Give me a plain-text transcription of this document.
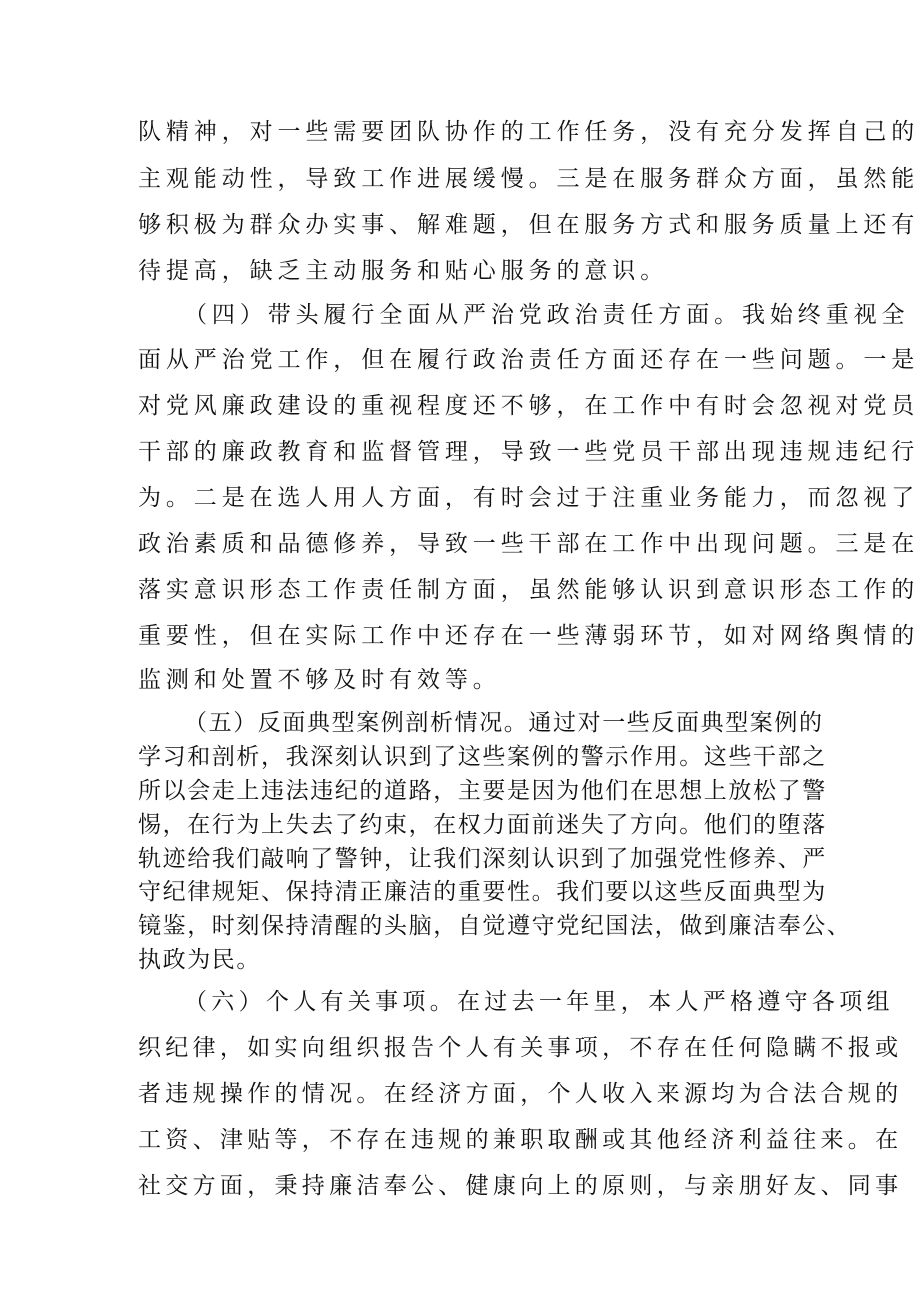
队精神，对一些需要团队协作的工作任务，没有充分发挥自己的

主观能动性，导致工作进展缓慢。三是在服务群众方面，虽然能

够积极为群众办实事、解难题，但在服务方式和服务质量上还有

待提高，缺乏主动服务和贴心服务的意识。

（四）带头履行全面从严治党政治责任方面。我始终重视全

面从严治党工作，但在履行政治责任方面还存在一些问题。一是

对党风廉政建设的重视程度还不够，在工作中有时会忽视对党员

干部的廉政教育和监督管理，导致一些党员干部出现违规违纪行

为。二是在选人用人方面，有时会过于注重业务能力，而忽视了

政治素质和品德修养，导致一些干部在工作中出现问题。三是在

落实意识形态工作责任制方面，虽然能够认识到意识形态工作的

重要性，但在实际工作中还存在一些薄弱环节，如对网络舆情的

监测和处置不够及时有效等。

（五）反面典型案例剖析情况。通过对一些反面典型案例的

学习和剖析，我深刻认识到了这些案例的警示作用。这些干部之

所以会走上违法违纪的道路，主要是因为他们在思想上放松了警

惕，在行为上失去了约束，在权力面前迷失了方向。他们的堕落

轨迹给我们敲响了警钟，让我们深刻认识到了加强党性修养、严

守纪律规矩、保持清正廉洁的重要性。我们要以这些反面典型为

镜鉴，时刻保持清醒的头脑，自觉遵守党纪国法，做到廉洁奉公、

执政为民。

（六）个人有关事项。在过去一年里，本人严格遵守各项组

织纪律，如实向组织报告个人有关事项，不存在任何隐瞒不报或

者违规操作的情况。在经济方面，个人收入来源均为合法合规的

工资、津贴等，不存在违规的兼职取酬或其他经济利益往来。在

社交方面，秉持廉洁奉公、健康向上的原则，与亲朋好友、同事
